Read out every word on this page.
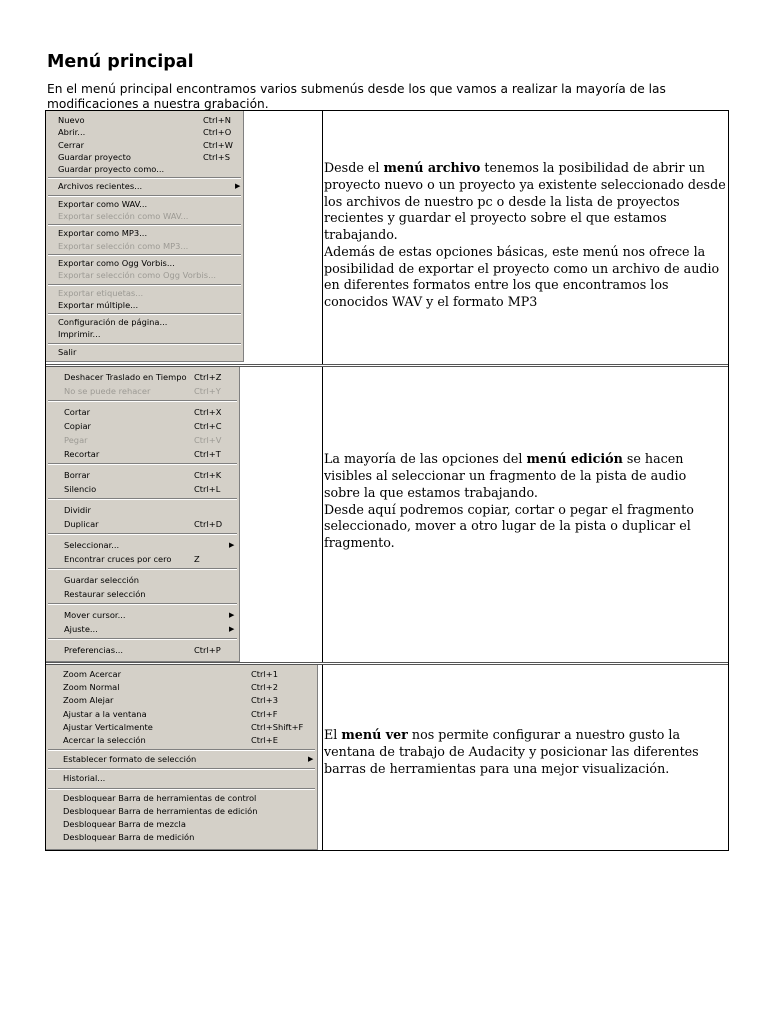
Menú principal
En el menú principal encontramos varios submenús desde los que vamos a realizar la mayoría de las modificaciones a nuestra grabación.
Nuevo	Ctrl+N
Abrir...	Ctrl+O
Cerrar	Ctrl+W
Guardar proyecto	Ctrl+S
Guardar proyecto como...
Archivos recientes...	▶
Exportar como WAV...
Exportar selección como WAV...
Exportar como MP3...
Exportar selección como MP3...
Exportar como Ogg Vorbis...
Exportar selección como Ogg Vorbis...
Exportar etiquetas...
Exportar múltiple...
Configuración de página...
Imprimir...
Salir
Desde el menú archivo tenemos la posibilidad de abrir un proyecto nuevo o un proyecto ya existente seleccionado desde los archivos de nuestro pc o desde la lista de proyectos recientes y guardar el proyecto sobre el que estamos trabajando.
Además de estas opciones básicas, este menú nos ofrece la posibilidad de exportar el proyecto como un archivo de audio en diferentes formatos entre los que encontramos los conocidos WAV y el formato MP3
Deshacer Traslado en Tiempo Ctrl+Z
No se puede rehacer	Ctrl+Y
Cortar	Ctrl+X
Copiar	Ctrl+C
Pegar	Ctrl+V
Recortar	Ctrl+T
Borrar	Ctrl+K
Silencio	Ctrl+L
Dividir
Duplicar	Ctrl+D
Seleccionar...	▶
Encontrar cruces por cero	Z
Guardar selección
Restaurar selección
Mover cursor...	▶
Ajuste...	▶
Preferencias...	Ctrl+P
La mayoría de las opciones del menú edición se hacen visibles al seleccionar un fragmento de la pista de audio sobre la que estamos trabajando.
Desde aquí podremos copiar, cortar o pegar el fragmento seleccionado, mover a otro lugar de la pista o duplicar el fragmento.
Zoom Acercar	Ctrl+1
Zoom Normal	Ctrl+2
Zoom Alejar	Ctrl+3
Ajustar a la ventana	Ctrl+F
Ajustar Verticalmente	Ctrl+Shift+F
Acercar la selección	Ctrl+E
Establecer formato de selección	▶
Historial...
Desbloquear Barra de herramientas de control
Desbloquear Barra de herramientas de edición
Desbloquear Barra de mezcla
Desbloquear Barra de medición
El menú ver nos permite configurar a nuestro gusto la ventana de trabajo de Audacity y posicionar las diferentes barras de herramientas para una mejor visualización.
